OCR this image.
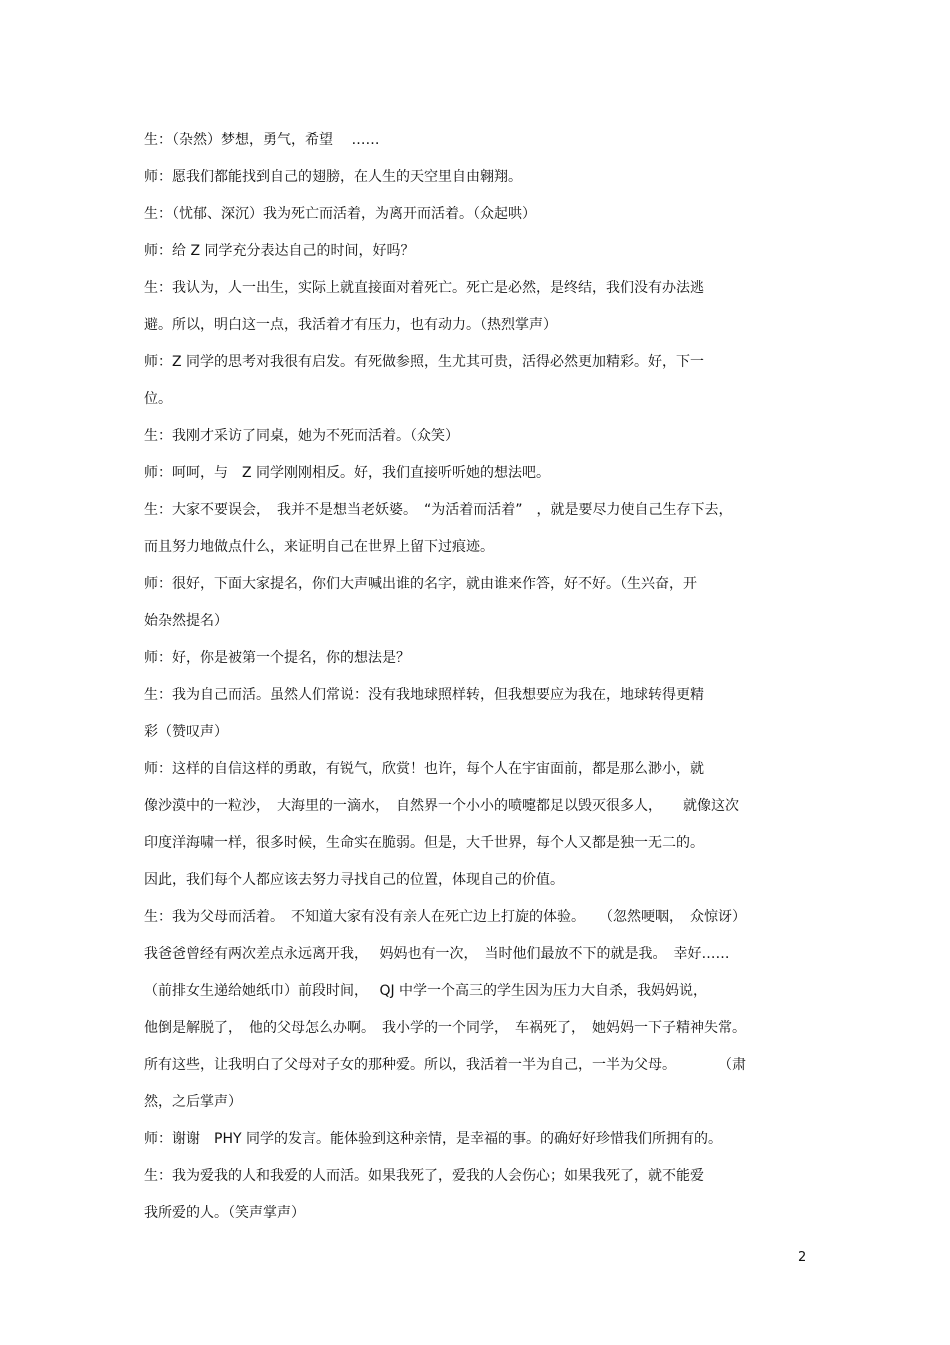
生：（杂然）梦想，勇气，希望　 ……
师：愿我们都能找到自己的翅膀，在人生的天空里自由翱翔。
生：（忧郁、深沉）我为死亡而活着，为离开而活着。（众起哄）
师：给 Z 同学充分表达自己的时间，好吗？
生：我认为，人一出生，实际上就直接面对着死亡。死亡是必然，是终结，我们没有办法逃
避。所以，明白这一点，我活着才有压力，也有动力。（热烈掌声）
师：Z 同学的思考对我很有启发。有死做参照，生尤其可贵，活得必然更加精彩。好，下一
位。
生：我刚才采访了同桌，她为不死而活着。（众笑）
师：呵呵，与　Z 同学刚刚相反。好，我们直接听听她的想法吧。
生：大家不要误会，　我并不是想当老妖婆。　“为活着而活着”　，就是要尽力使自己生存下去，
而且努力地做点什么，来证明自己在世界上留下过痕迹。
师：很好，下面大家提名，你们大声喊出谁的名字，就由谁来作答，好不好。（生兴奋，开
始杂然提名）
师：好，你是被第一个提名，你的想法是？
生：我为自己而活。虽然人们常说：没有我地球照样转，但我想要应为我在，地球转得更精
彩（赞叹声）
师：这样的自信这样的勇敢，有锐气，欣赏！也许，每个人在宇宙面前，都是那么渺小，就
像沙漠中的一粒沙，　大海里的一滴水，　自然界一个小小的喷嚏都足以毁灭很多人，　　就像这次
印度洋海啸一样，很多时候，生命实在脆弱。但是，大千世界，每个人又都是独一无二的。
因此，我们每个人都应该去努力寻找自己的位置，体现自己的价值。
生：我为父母而活着。　不知道大家有没有亲人在死亡边上打旋的体验。　　（忽然哽咽，　众惊讶）
我爸爸曾经有两次差点永远离开我，　 妈妈也有一次，　当时他们最放不下的就是我。　幸好……
（前排女生递给她纸巾）前段时间，　 QJ 中学一个高三的学生因为压力大自杀，我妈妈说，
他倒是解脱了，　他的父母怎么办啊。　我小学的一个同学，　车祸死了，　她妈妈一下子精神失常。
所有这些，让我明白了父母对子女的那种爱。所以，我活着一半为自己，一半为父母。　　　　（肃
然，之后掌声）
师：谢谢　PHY 同学的发言。能体验到这种亲情，是幸福的事。的确好好珍惜我们所拥有的。
生：我为爱我的人和我爱的人而活。如果我死了，爱我的人会伤心；如果我死了，就不能爱
我所爱的人。（笑声掌声）
2
